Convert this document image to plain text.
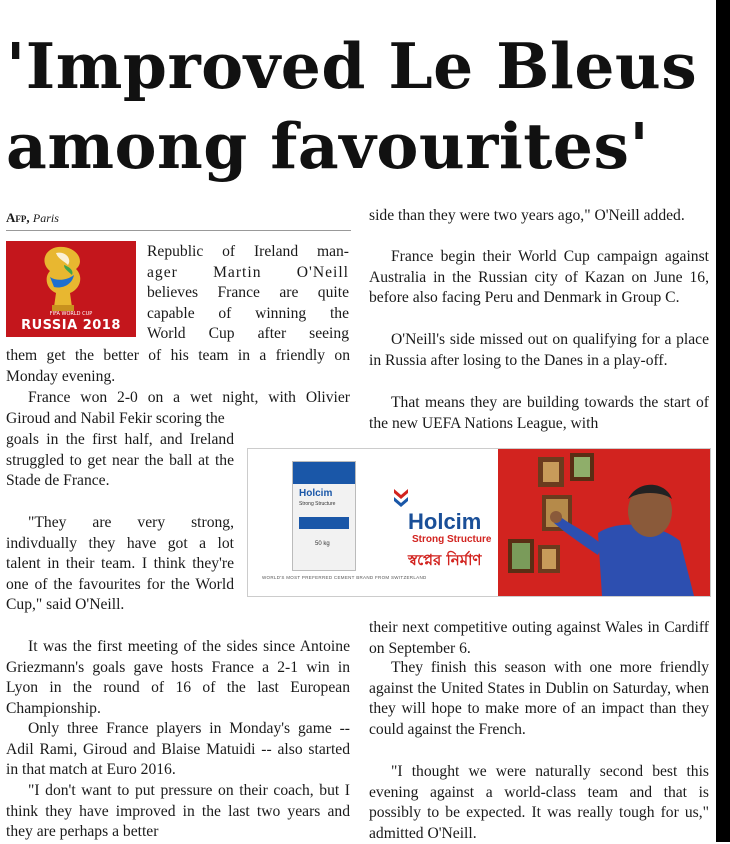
'Improved Le Bleus
among favourites'
Afp, Paris
FIFA WORLD CUP
RUSSIA 2018
Republic of Ireland man-
ager Martin O'Neill
believes France are quite
capable of winning the
World Cup after seeing

them get the better of his team in a friendly on Monday evening.

France won 2-0 on a wet night, with Olivier Giroud and Nabil Fekir scoring the

goals in the first half, and Ireland struggled to get near the ball at the Stade de France.

"They are very strong, indivdually they have got a lot talent in their team. I think they're one of the favourites for the World Cup," said O'Neill.

It was the first meeting of the sides since Antoine Griezmann's goals gave hosts France a 2-1 win in Lyon in the round of 16 of the last European Championship.

Only three France players in Monday's game -- Adil Rami, Giroud and Blaise Matuidi -- also started in that match at Euro 2016.

"I don't want to put pressure on their coach, but I think they have improved in the last two years and they are perhaps a better

side than they were two years ago," O'Neill added.

France begin their World Cup campaign against Australia in the Russian city of Kazan on June 16, before also facing Peru and Denmark in Group C.

O'Neill's side missed out on qualifying for a place in Russia after losing to the Danes in a play-off.

That means they are building towards the start of the new UEFA Nations League, with

their next competitive outing against Wales in Cardiff on September 6.

They finish this season with one more friendly against the United States in Dublin on Saturday, when they will hope to make more of an impact than they could against the French.

"I thought we were naturally second best this evening against a world-class team and that is possibly to be expected. It was really tough for us," admitted O'Neill.

Holcim
Strong Structure
50 kg
WORLD'S MOST PREFERRED CEMENT BRAND FROM SWITZERLAND
Holcim
Strong Structure
স্বপ্নের নির্মাণ
